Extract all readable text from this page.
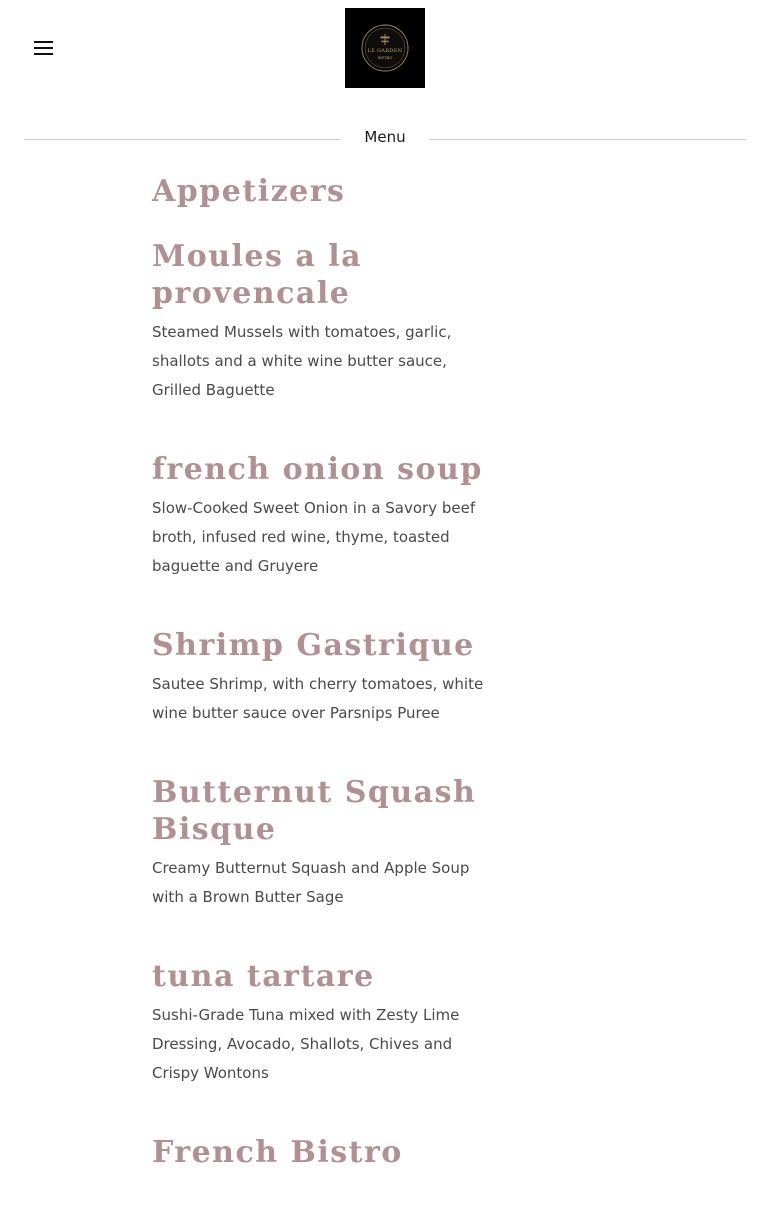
LE GARDEN
BISTRO
Menu
Appetizers
Moules a la provencale

Steamed Mussels with tomatoes, garlic, shallots and a white wine butter sauce, Grilled Baguette

french onion soup

Slow-Cooked Sweet Onion in a Savory beef broth, infused red wine, thyme, toasted baguette and Gruyere

Shrimp Gastrique

Sautee Shrimp, with cherry tomatoes, white wine butter sauce over Parsnips Puree

Butternut Squash Bisque

Creamy Butternut Squash and Apple Soup with a Brown Butter Sage

tuna tartare

Sushi-Grade Tuna mixed with Zesty Lime Dressing, Avocado, Shallots, Chives and Crispy Wontons

French Bistro
